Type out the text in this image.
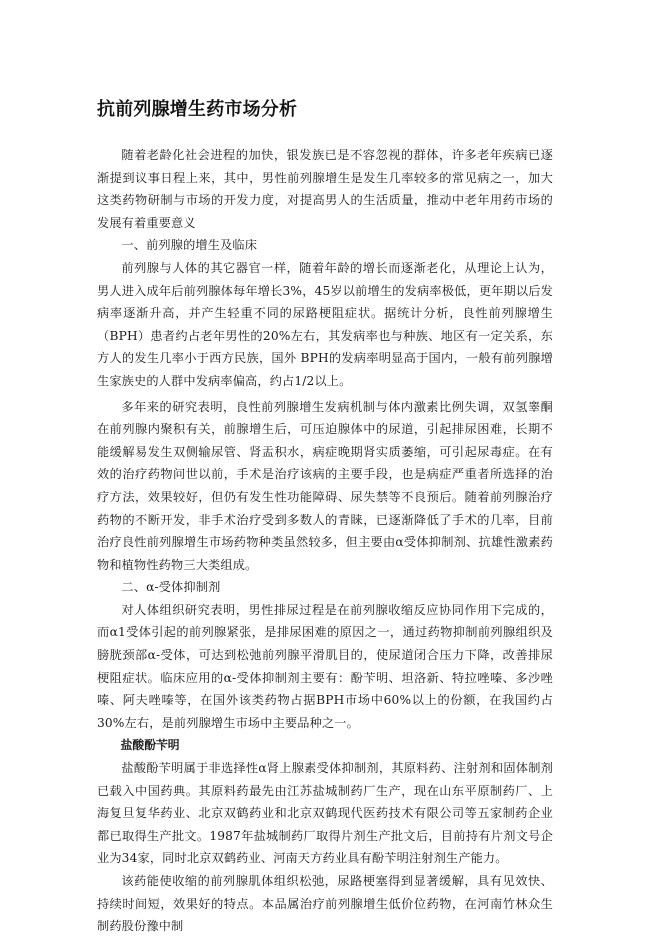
抗前列腺增生药市场分析

随着老龄化社会进程的加快，银发族已是不容忽视的群体，许多老年疾病已逐渐提到议事日程上来，其中，男性前列腺增生是发生几率较多的常见病之一，加大这类药物研制与市场的开发力度，对提高男人的生活质量，推动中老年用药市场的发展有着重要意义

一、前列腺的增生及临床

前列腺与人体的其它器官一样，随着年龄的增长而逐渐老化，从理论上认为，男人进入成年后前列腺体每年增长3%，45岁以前增生的发病率极低，更年期以后发病率逐渐升高，并产生轻重不同的尿路梗阻症状。据统计分析，良性前列腺增生（BPH）患者约占老年男性的20%左右，其发病率也与种族、地区有一定关系，东方人的发生几率小于西方民族，国外 BPH的发病率明显高于国内，一般有前列腺增生家族史的人群中发病率偏高，约占1/2以上。

多年来的研究表明，良性前列腺增生发病机制与体内激素比例失调，双氢睾酮在前列腺内聚积有关，前腺增生后，可压迫腺体中的尿道，引起排尿困难，长期不能缓解易发生双侧输尿管、肾盂积水，病症晚期肾实质萎缩，可引起尿毒症。在有效的治疗药物问世以前，手术是治疗该病的主要手段，也是病症严重者所选择的治疗方法，效果较好，但仍有发生性功能障碍、尿失禁等不良预后。随着前列腺治疗药物的不断开发，非手术治疗受到多数人的青睐，已逐渐降低了手术的几率，目前治疗良性前列腺增生市场药物种类虽然较多，但主要由α受体抑制剂、抗雄性激素药物和植物性药物三大类组成。

二、α-受体抑制剂

对人体组织研究表明，男性排尿过程是在前列腺收缩反应协同作用下完成的，而α1受体引起的前列腺紧张，是排尿困难的原因之一，通过药物抑制前列腺组织及膀胱颈部α-受体，可达到松弛前列腺平滑肌目的，使尿道闭合压力下降，改善排尿梗阻症状。临床应用的α-受体抑制剂主要有：酚苄明、坦洛新、特拉唑嗪、多沙唑嗪、阿夫唑嗪等，在国外该类药物占据BPH市场中60%以上的份额，在我国约占 30%左右，是前列腺增生市场中主要品种之一。

盐酸酚苄明

盐酸酚苄明属于非选择性α肾上腺素受体抑制剂，其原料药、注射剂和固体制剂已载入中国药典。其原料药最先由江苏盐城制药厂生产，现在山东平原制药厂、上海复旦复华药业、北京双鹤药业和北京双鹤现代医药技术有限公司等五家制药企业都已取得生产批文。1987年盐城制药厂取得片剂生产批文后，目前持有片剂文号企业为34家，同时北京双鹤药业、河南天方药业具有酚苄明注射剂生产能力。

该药能使收缩的前列腺肌体组织松弛，尿路梗塞得到显著缓解，具有见效快、持续时间短，效果好的特点。本品属治疗前列腺增生低价位药物，在河南竹林众生制药股份豫中制
